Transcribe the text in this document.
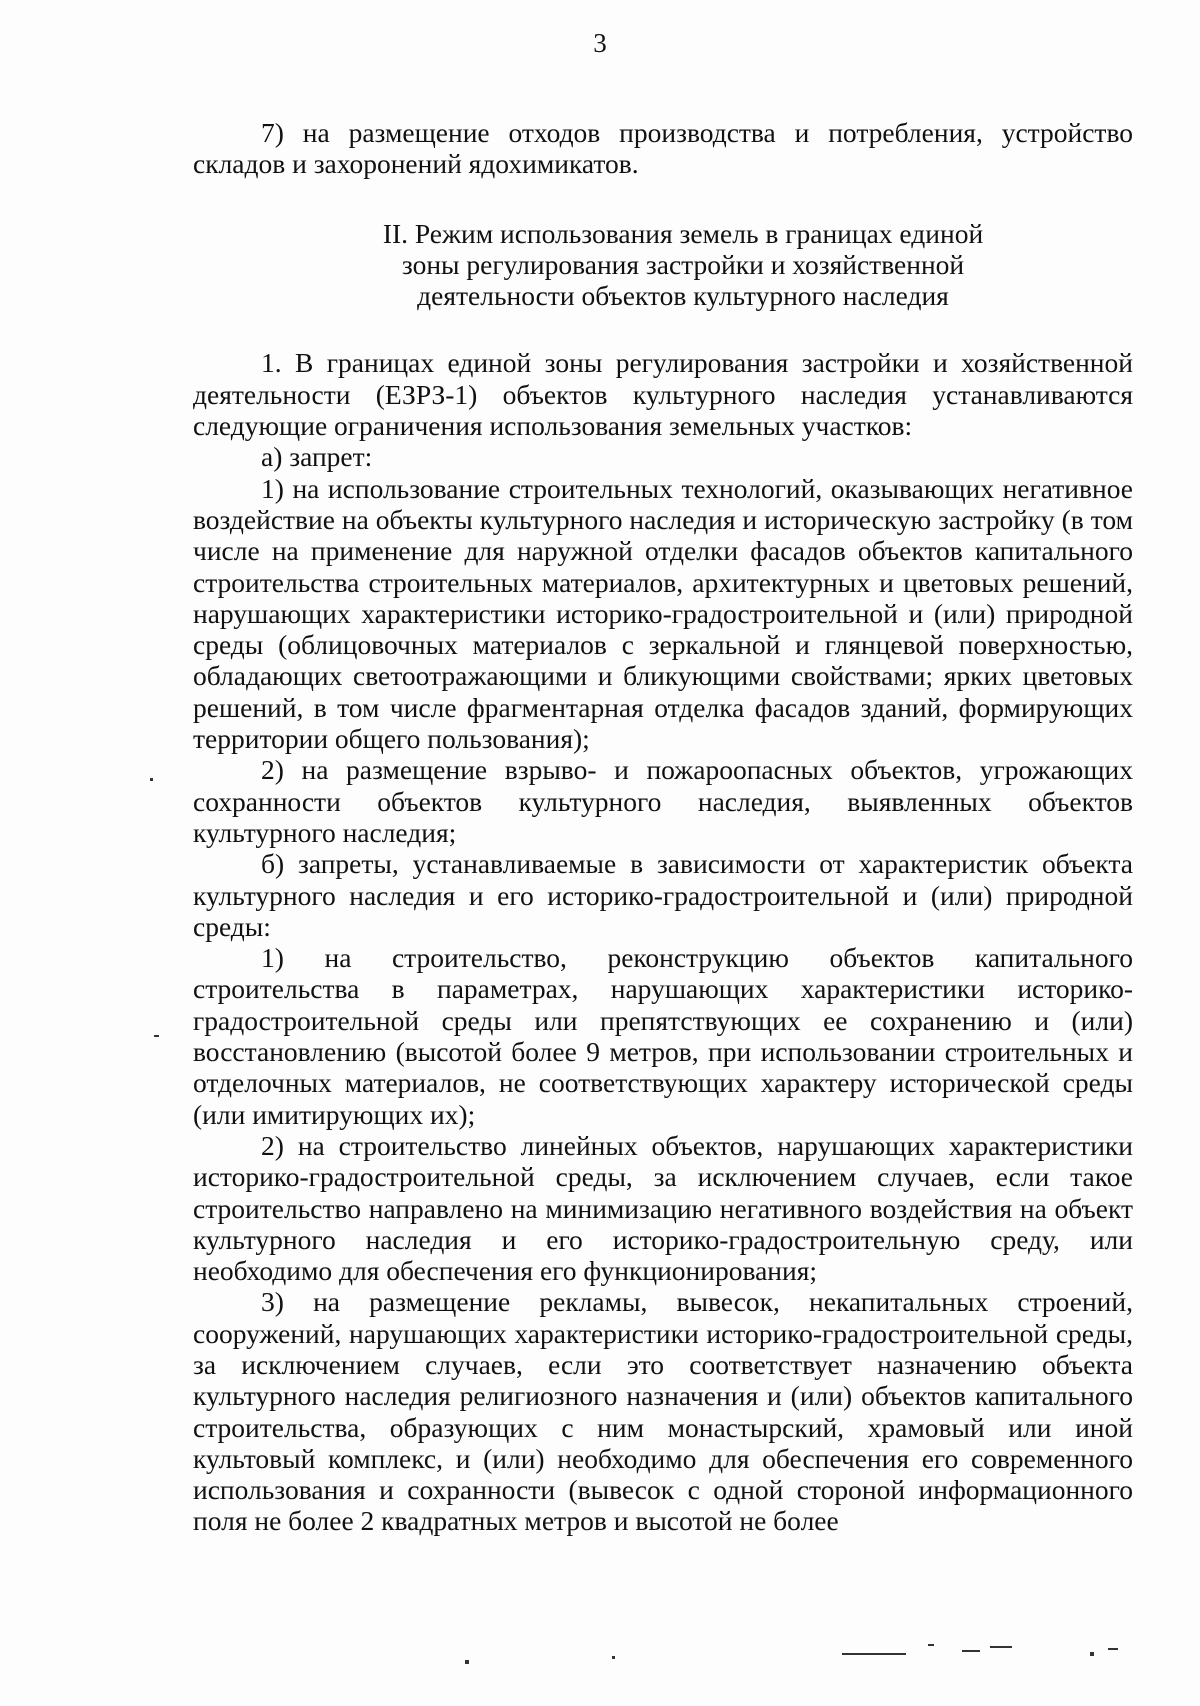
3

7) на размещение отходов производства и потребления, устройство складов и захоронений ядохимикатов.

II. Режим использования земель в границах единой
зоны регулирования застройки и хозяйственной
деятельности объектов культурного наследия

1. В границах единой зоны регулирования застройки и хозяйственной деятельности (ЕЗРЗ-1) объектов культурного наследия устанавливаются следующие ограничения использования земельных участков:

а) запрет:

1) на использование строительных технологий, оказывающих негативное воздействие на объекты культурного наследия и историческую застройку (в том числе на применение для наружной отделки фасадов объектов капитального строительства строительных материалов, архитектурных и цветовых решений, нарушающих характеристики историко-градостроительной и (или) природной среды (облицовочных материалов с зеркальной и глянцевой поверхностью, обладающих светоотражающими и бликующими свойствами; ярких цветовых решений, в том числе фрагментарная отделка фасадов зданий, формирующих территории общего пользования);

2) на размещение взрыво- и пожароопасных объектов, угрожающих сохранности объектов культурного наследия, выявленных объектов культурного наследия;

б) запреты, устанавливаемые в зависимости от характеристик объекта культурного наследия и его историко-градостроительной и (или) природной среды:

1) на строительство, реконструкцию объектов капитального строительства в параметрах, нарушающих характеристики историко-градостроительной среды или препятствующих ее сохранению и (или) восстановлению (высотой более 9 метров, при использовании строительных и отделочных материалов, не соответствующих характеру исторической среды (или имитирующих их);

2) на строительство линейных объектов, нарушающих характеристики историко-градостроительной среды, за исключением случаев, если такое строительство направлено на минимизацию негативного воздействия на объект культурного наследия и его историко-градостроительную среду, или необходимо для обеспечения его функционирования;

3) на размещение рекламы, вывесок, некапитальных строений, сооружений, нарушающих характеристики историко-градостроительной среды, за исключением случаев, если это соответствует назначению объекта культурного наследия религиозного назначения и (или) объектов капитального строительства, образующих с ним монастырский, храмовый или иной культовый комплекс, и (или) необходимо для обеспечения его современного использования и сохранности (вывесок с одной стороной информационного поля не более 2 квадратных метров и высотой не более
